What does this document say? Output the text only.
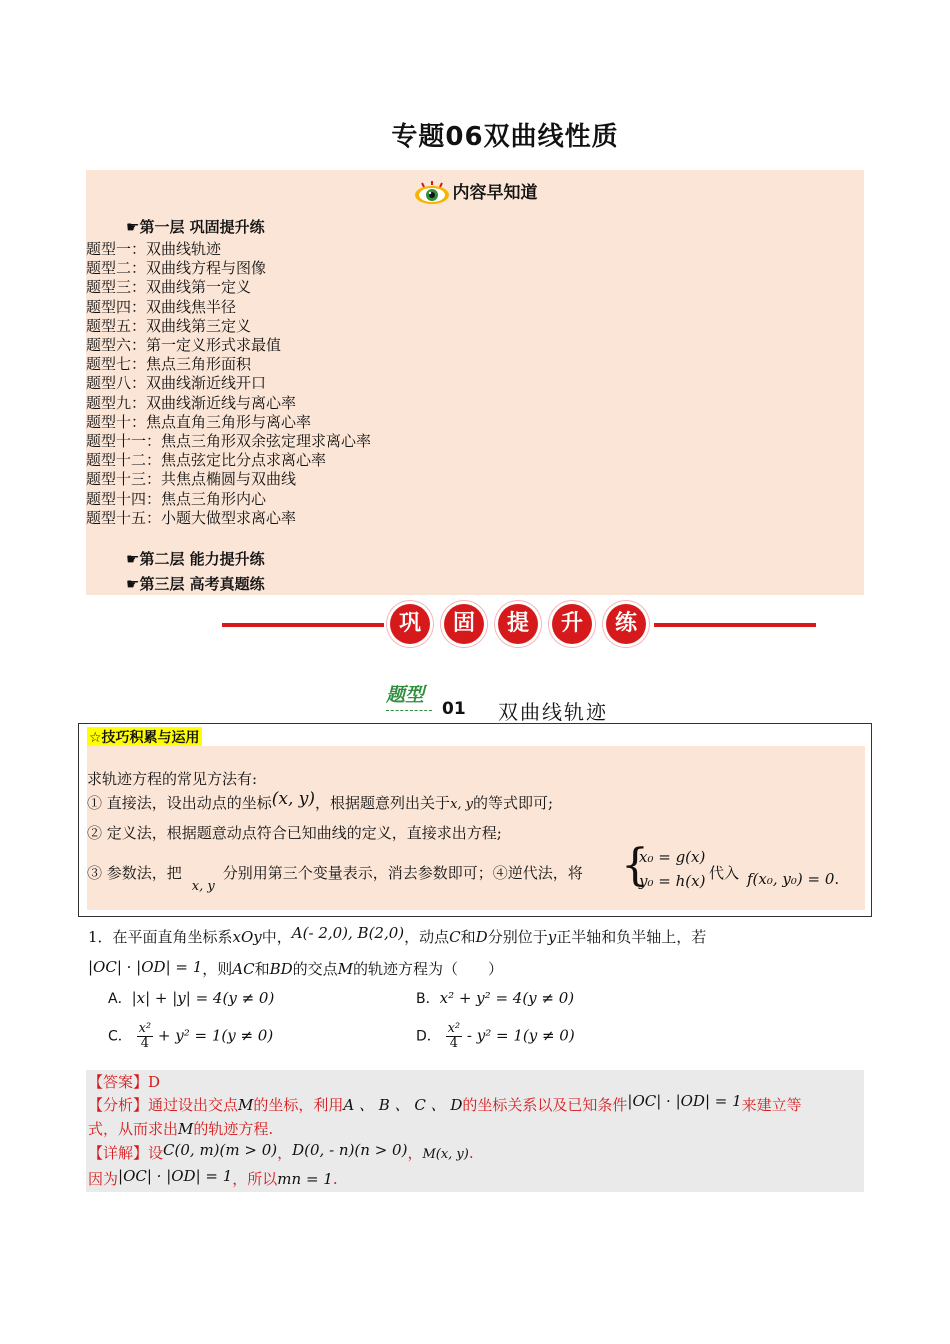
专题06双曲线性质
内容早知道
☛第一层 巩固提升练
题型一：双曲线轨迹
题型二：双曲线方程与图像
题型三：双曲线第一定义
题型四：双曲线焦半径
题型五：双曲线第三定义
题型六：第一定义形式求最值
题型七：焦点三角形面积
题型八：双曲线渐近线开口
题型九：双曲线渐近线与离心率
题型十：焦点直角三角形与离心率
题型十一：焦点三角形双余弦定理求离心率
题型十二：焦点弦定比分点求离心率
题型十三：共焦点椭圆与双曲线
题型十四：焦点三角形内心
题型十五：小题大做型求离心率
☛第二层 能力提升练
☛第三层 高考真题练
巩	固	提	升	练
题型
01 双曲线轨迹
☆技巧积累与运用
求轨迹方程的常见方法有:
① 直接法，设出动点的坐标(x, y)，根据题意列出关于x, y的等式即可;
② 定义法，根据题意动点符合已知曲线的定义，直接求出方程;
③ 参数法，把x, y分别用第三个变量表示，消去参数即可；④逆代法，将 {
x₀ = g(x)
y₀ = h(x) 代入 f(x₀, y₀) = 0.
1．在平面直角坐标系xOy中，A(- 2,0), B(2,0)，动点C和D分别位于y正半轴和负半轴上，若
|OC| · |OD| = 1，则AC和BD的交点M的轨迹方程为（　　）
A．|x| + |y| = 4(y ≠ 0)	B．x² + y² = 4(y ≠ 0)
C． $\frac{\text{x²}}{4} + y^2 = 1(y \ne 0)$	D． $\frac{\text{x²}}{4} - y^2 = 1(y \ne 0)$
【答案】D
【分析】通过设出交点M的坐标，利用A 、 B 、 C 、 D的坐标关系以及已知条件|OC| · |OD| = 1来建立等
式，从而求出M的轨迹方程.
【详解】设C(0, m)(m > 0)，D(0, - n)(n > 0)，M(x, y).
因为|OC| · |OD| = 1，所以mn = 1.
